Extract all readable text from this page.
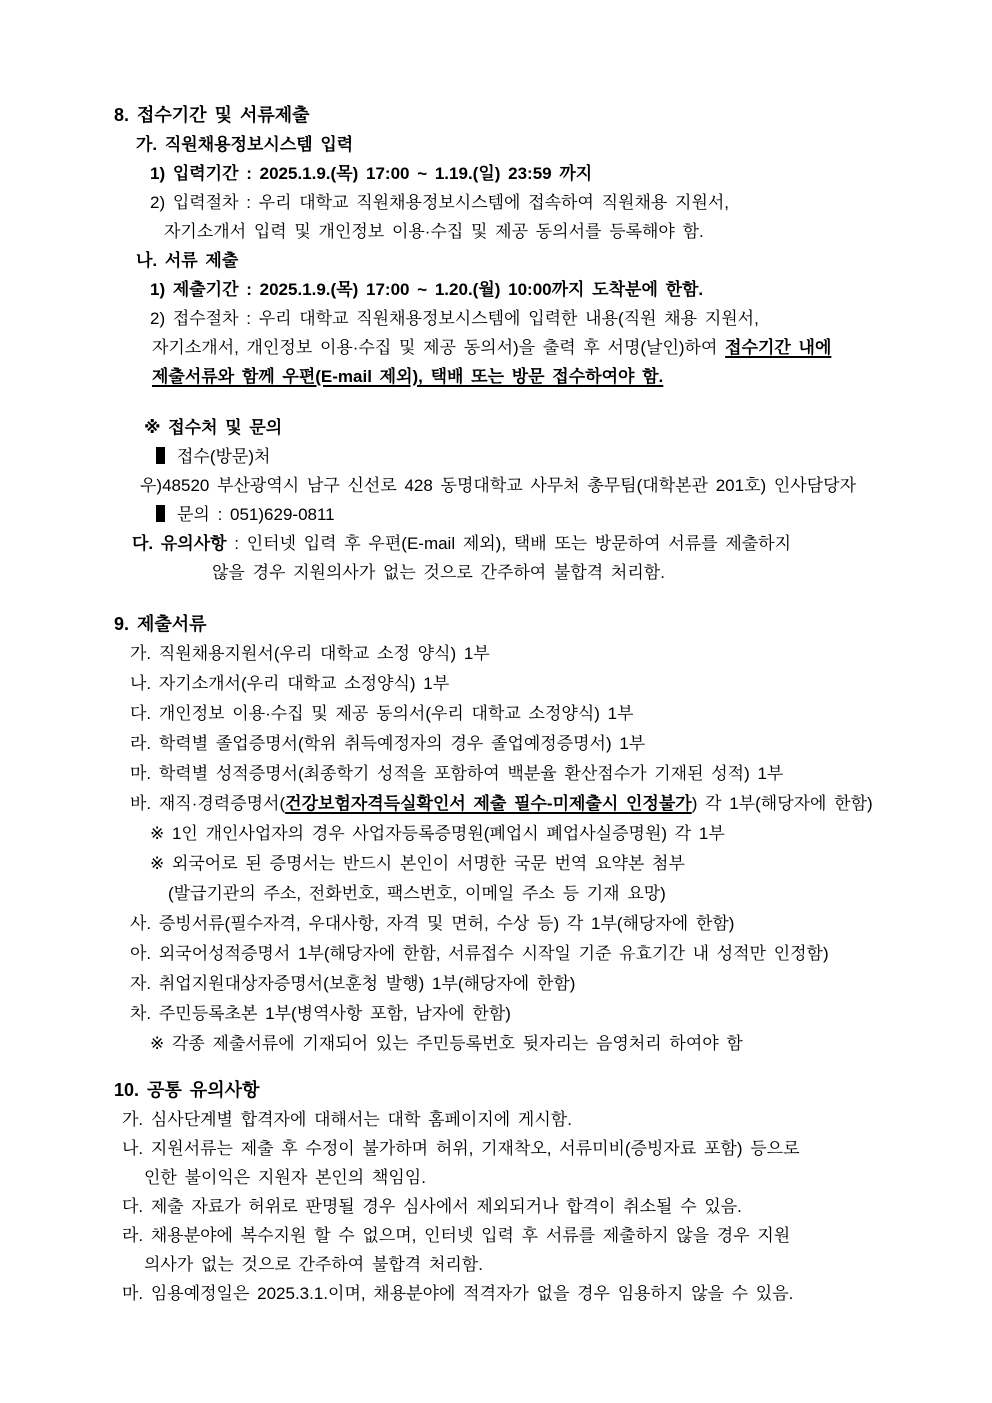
8. 접수기간 및 서류제출
가. 직원채용정보시스템 입력
1) 입력기간 : 2025.1.9.(목) 17:00 ~ 1.19.(일) 23:59 까지
2) 입력절차 : 우리 대학교 직원채용정보시스템에 접속하여 직원채용 지원서,
자기소개서 입력 및 개인정보 이용·수집 및 제공 동의서를 등록해야 함.
나. 서류 제출
1) 제출기간 : 2025.1.9.(목) 17:00 ~ 1.20.(월) 10:00까지 도착분에 한함.
2) 접수절차 : 우리 대학교 직원채용정보시스템에 입력한 내용(직원 채용 지원서,
자기소개서, 개인정보 이용·수집 및 제공 동의서)을 출력 후 서명(날인)하여 접수기간 내에
제출서류와 함께 우편(E-mail 제외), 택배 또는 방문 접수하여야 함.
※ 접수처 및 문의
접수(방문)처
우)48520 부산광역시 남구 신선로 428 동명대학교 사무처 총무팀(대학본관 201호) 인사담당자
문의 : 051)629-0811
다. 유의사항 : 인터넷 입력 후 우편(E-mail 제외), 택배 또는 방문하여 서류를 제출하지
않을 경우 지원의사가 없는 것으로 간주하여 불합격 처리함.
9. 제출서류
가. 직원채용지원서(우리 대학교 소정 양식) 1부
나. 자기소개서(우리 대학교 소정양식) 1부
다. 개인정보 이용·수집 및 제공 동의서(우리 대학교 소정양식) 1부
라. 학력별 졸업증명서(학위 취득예정자의 경우 졸업예정증명서) 1부
마. 학력별 성적증명서(최종학기 성적을 포함하여 백분율 환산점수가 기재된 성적) 1부
바. 재직·경력증명서(건강보험자격득실확인서 제출 필수-미제출시 인정불가) 각 1부(해당자에 한함)
※ 1인 개인사업자의 경우 사업자등록증명원(폐업시 폐업사실증명원) 각 1부
※ 외국어로 된 증명서는 반드시 본인이 서명한 국문 번역 요약본 첨부
(발급기관의 주소, 전화번호, 팩스번호, 이메일 주소 등 기재 요망)
사. 증빙서류(필수자격, 우대사항, 자격 및 면허, 수상 등) 각 1부(해당자에 한함)
아. 외국어성적증명서 1부(해당자에 한함, 서류접수 시작일 기준 유효기간 내 성적만 인정함)
자. 취업지원대상자증명서(보훈청 발행) 1부(해당자에 한함)
차. 주민등록초본 1부(병역사항 포함, 남자에 한함)
※ 각종 제출서류에 기재되어 있는 주민등록번호 뒷자리는 음영처리 하여야 함
10. 공통 유의사항
가. 심사단계별 합격자에 대해서는 대학 홈페이지에 게시함.
나. 지원서류는 제출 후 수정이 불가하며 허위, 기재착오, 서류미비(증빙자료 포함) 등으로
인한 불이익은 지원자 본인의 책임임.
다. 제출 자료가 허위로 판명될 경우 심사에서 제외되거나 합격이 취소될 수 있음.
라. 채용분야에 복수지원 할 수 없으며, 인터넷 입력 후 서류를 제출하지 않을 경우 지원
의사가 없는 것으로 간주하여 불합격 처리함.
마. 임용예정일은 2025.3.1.이며, 채용분야에 적격자가 없을 경우 임용하지 않을 수 있음.
